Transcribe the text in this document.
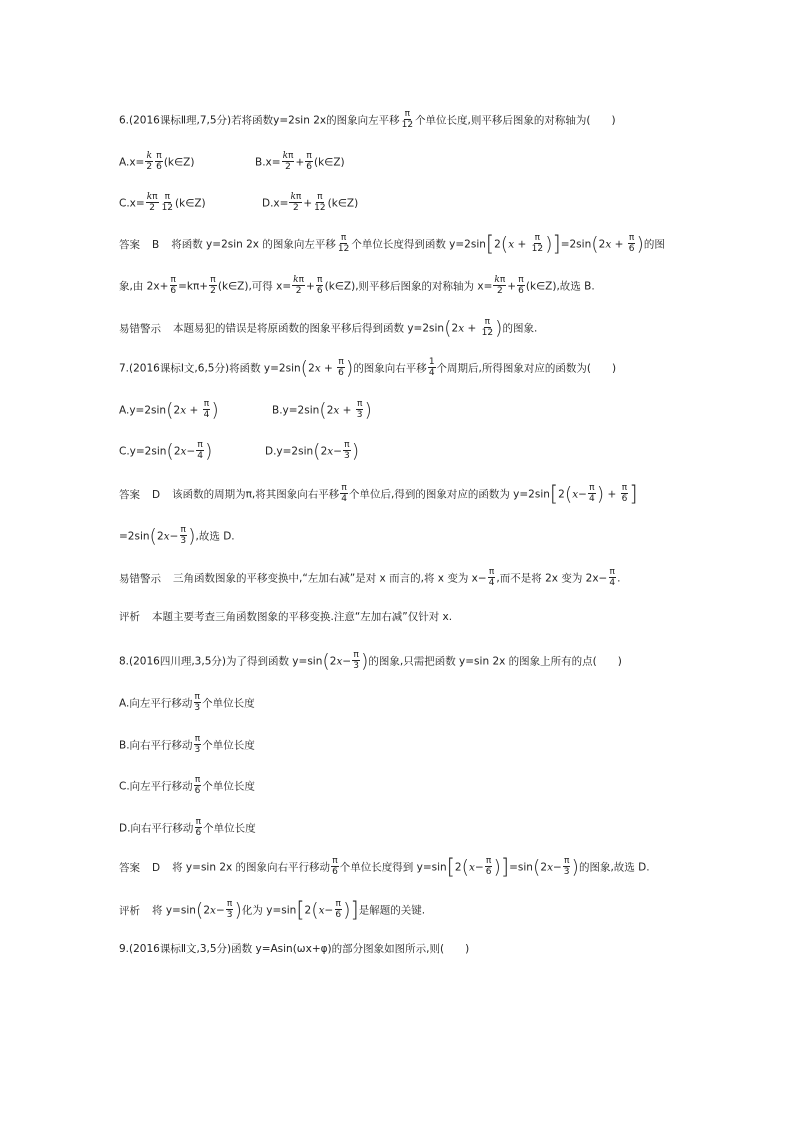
6.(2016课标Ⅱ理,7,5分)若将函数y=2sin 2x的图象向左平移 $\frac{\pi}{12}$ 个单位长度,则平移后图象的对称轴为(　　)
$A.x= \frac{k}{2} \frac{\pi}{6}$ (k∈Z)	$B.x= \frac{k\pi}{2} + \frac{\pi}{6}$ (k∈Z)
$C.x= \frac{k\pi}{2} \frac{\pi}{12}$ (k∈Z)	$D.x= \frac{k\pi}{2} + \frac{\pi}{12}$ (k∈Z)
答案 B 将函数 y=2sin 2x 的图象向左平移 $\frac{\pi}{12}$ 个单位长度得到函数 $y=2\sin[2(x + \frac{\pi}{12} )]=2\sin(2x + \frac{\pi}{6}$ )的图
象,由 $2x+ \frac{\pi}{6} =k\pi+ \frac{\pi}{2}$ (k∈Z),可得 $x= \frac{k\pi}{2} + \frac{\pi}{6}$ (k∈Z),则平移后图象的对称轴为 $x= \frac{k\pi}{2} + \frac{\pi}{6}$ (k∈Z),故选 B.
易错警示 本题易犯的错误是将原函数的图象平移后得到函数 $y=2\sin(2x + \frac{\pi}{12}$ )的图象.
7.(2016课标Ⅰ文,6,5分)将函数 $y=2\sin(2x + \frac{\pi}{6}$ )的图象向右平移 $\frac{1}{4}$ 个周期后,所得图象对应的函数为(　　)
$A.y=2\sin(2x + \frac{\pi}{4}$ )	$B.y=2\sin(2x + \frac{\pi}{3}$ )
$C.y=2\sin(2x- \frac{\pi}{4}$ )	$D.y=2\sin(2x- \frac{\pi}{3}$ )
答案 D 该函数的周期为π,将其图象向右平移 $\frac{\pi}{4}$ 个单位后,得到的图象对应的函数为 $y=2\sin[2(x- \frac{\pi}{4}$ ) + $\frac{\pi}{6}$ ]
$=2\sin(2x- \frac{\pi}{3}$ ),故选 D.
易错警示 三角函数图象的平移变换中,“左加右减”是对 x 而言的,将 x 变为 $x- \frac{\pi}{4}$ ,而不是将 2x 变为 $2x- \frac{\pi}{4}$ .
评析 本题主要考查三角函数图象的平移变换.注意“左加右减”仅针对 x.
8.(2016四川理,3,5分)为了得到函数 $y=\sin(2x- \frac{\pi}{3}$ )的图象,只需把函数 y=sin 2x 的图象上所有的点(　　)
A.向左平行移动 $\frac{\pi}{3}$ 个单位长度
B.向右平行移动 $\frac{\pi}{3}$ 个单位长度
C.向左平行移动 $\frac{\pi}{6}$ 个单位长度
D.向右平行移动 $\frac{\pi}{6}$ 个单位长度
答案 D 将 y=sin 2x 的图象向右平行移动 $\frac{\pi}{6}$ 个单位长度得到 $y=\sin[2(x- \frac{\pi}{6} )]=\sin(2x- \frac{\pi}{3}$ )的图象,故选 D.
评析 将 $y=\sin(2x- \frac{\pi}{3}$ )化为 $y=\sin[2(x- \frac{\pi}{6}$ )]是解题的关键.
9.(2016课标Ⅱ文,3,5分)函数 y=Asin(ωx+φ)的部分图象如图所示,则(　　)
